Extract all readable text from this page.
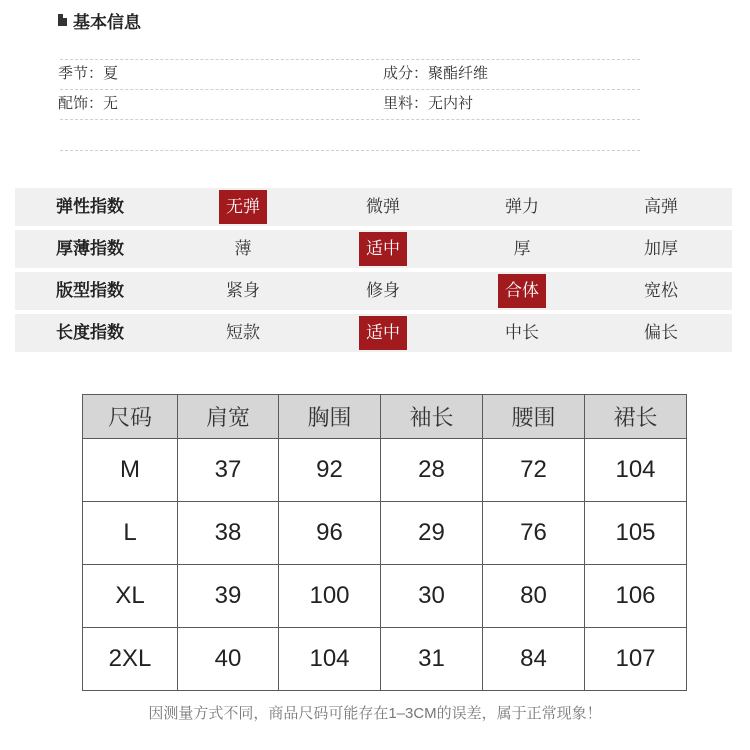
基本信息
季节：夏	成分：聚酯纤维
配饰：无	里料：无内衬
弹性指数	无弹	微弹	弹力	高弹
厚薄指数	薄	适中	厚	加厚
版型指数	紧身	修身	合体	宽松
长度指数	短款	适中	中长	偏长
尺码	肩宽	胸围	袖长	腰围	裙长
M	37	92	28	72	104
L	38	96	29	76	105
XL	39	100	30	80	106
2XL	40	104	31	84	107
因测量方式不同，商品尺码可能存在1–3CM的误差，属于正常现象！
